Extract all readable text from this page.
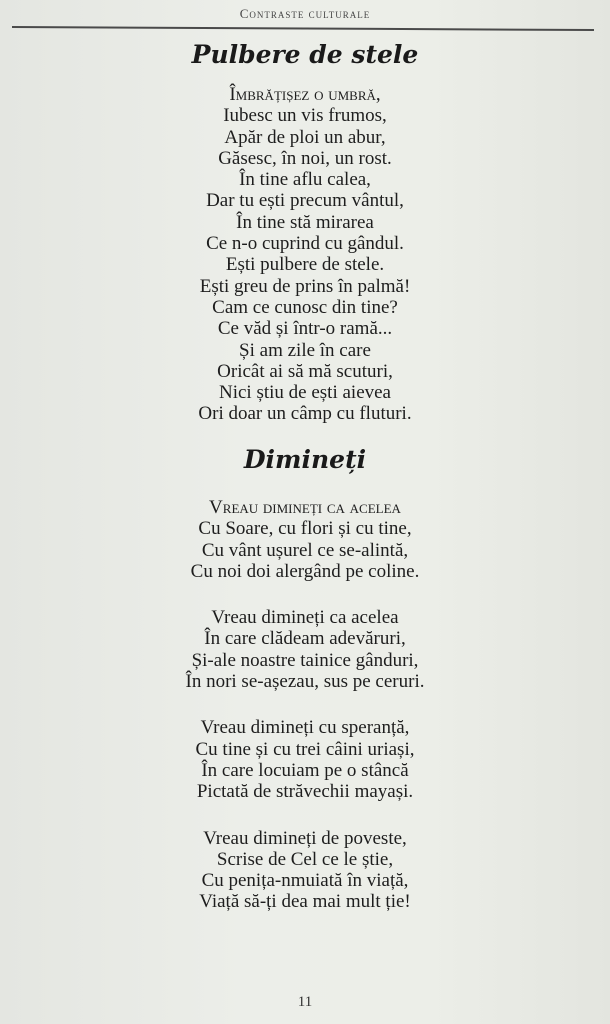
Contraste culturale
Pulbere de stele
Îmbrățișez o umbră,
Iubesc un vis frumos,
Apăr de ploi un abur,
Găsesc, în noi, un rost.
În tine aflu calea,
Dar tu ești precum vântul,
În tine stă mirarea
Ce n-o cuprind cu gândul.
Ești pulbere de stele.
Ești greu de prins în palmă!
Cam ce cunosc din tine?
Ce văd și într-o ramă...
Și am zile în care
Oricât ai să mă scuturi,
Nici știu de ești aievea
Ori doar un câmp cu fluturi.
Dimineți
Vreau dimineți ca acelea
Cu Soare, cu flori și cu tine,
Cu vânt ușurel ce se-alintă,
Cu noi doi alergând pe coline.
Vreau dimineți ca acelea
În care clădeam adevăruri,
Și-ale noastre tainice gânduri,
În nori se-așezau, sus pe ceruri.
Vreau dimineți cu speranță,
Cu tine și cu trei câini uriași,
În care locuiam pe o stâncă
Pictată de străvechii mayași.
Vreau dimineți de poveste,
Scrise de Cel ce le știe,
Cu penița-nmuiată în viață,
Viață să-ți dea mai mult ție!
11
